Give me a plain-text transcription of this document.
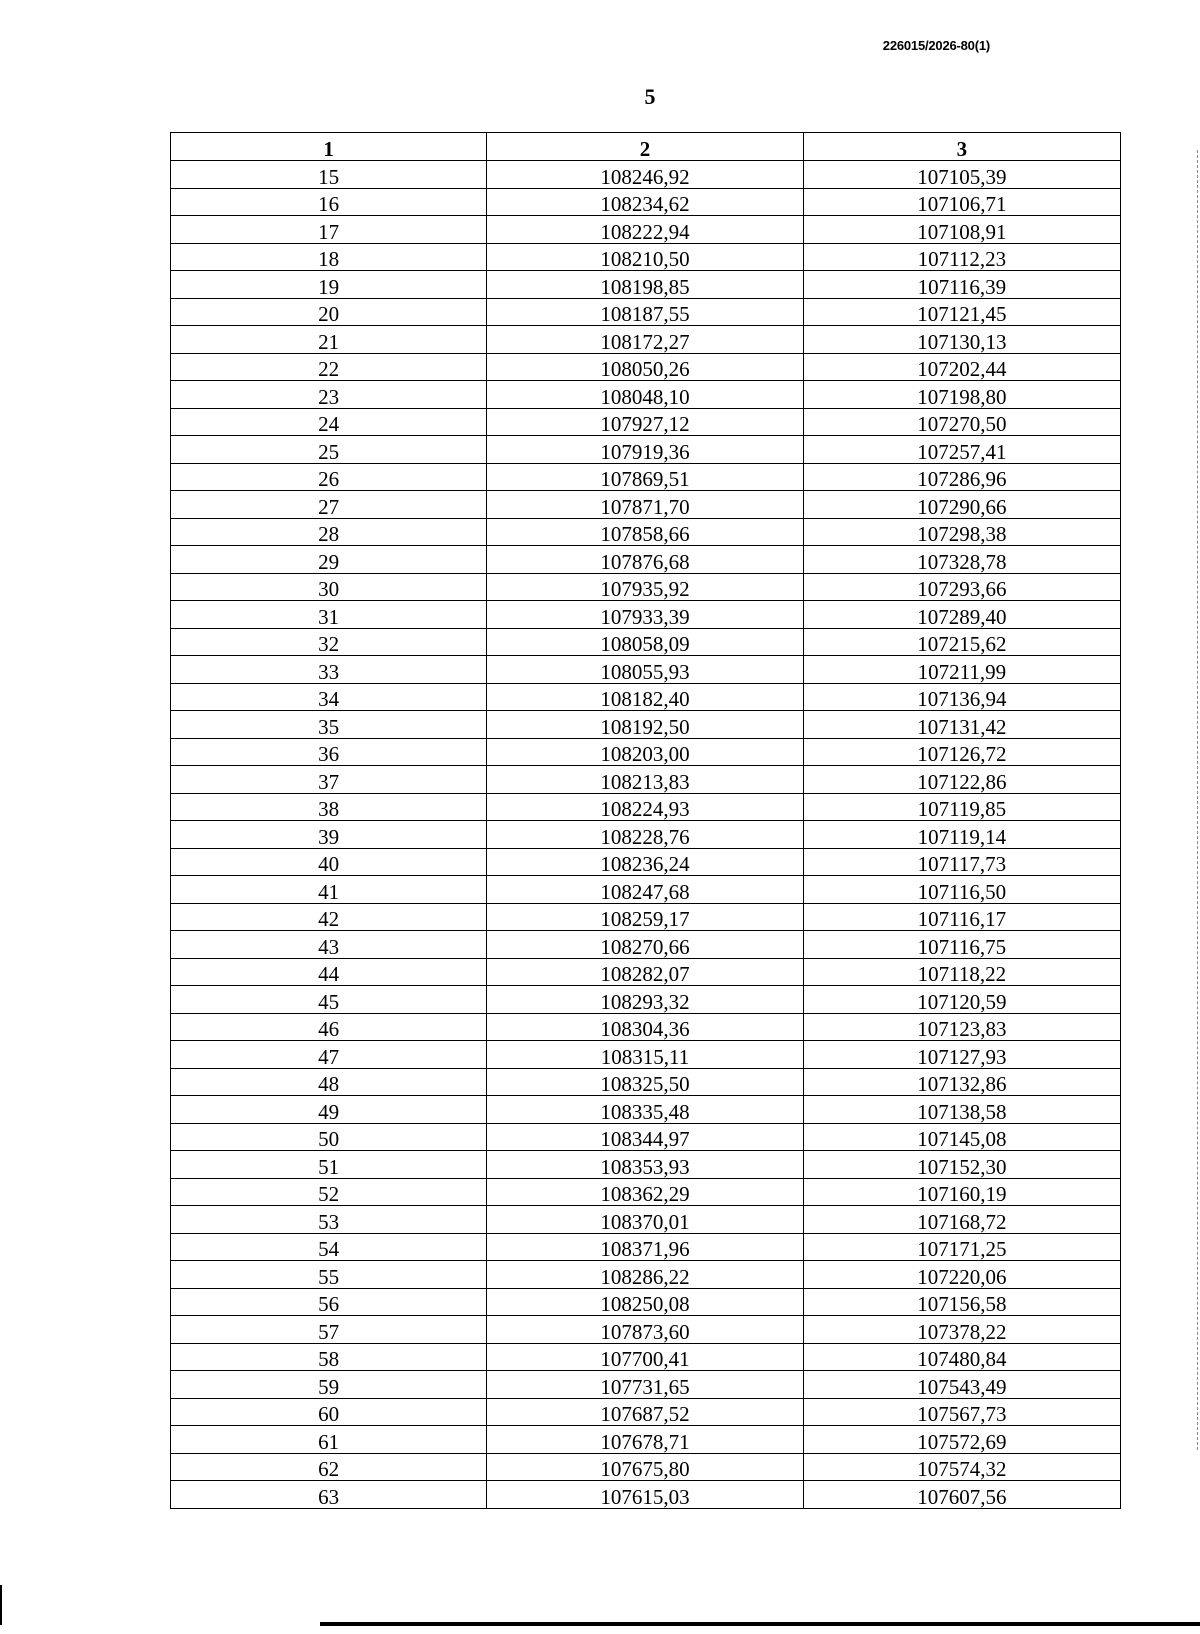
226015/2026-80(1)
5
1	2	3
15	108246,92	107105,39
16	108234,62	107106,71
17	108222,94	107108,91
18	108210,50	107112,23
19	108198,85	107116,39
20	108187,55	107121,45
21	108172,27	107130,13
22	108050,26	107202,44
23	108048,10	107198,80
24	107927,12	107270,50
25	107919,36	107257,41
26	107869,51	107286,96
27	107871,70	107290,66
28	107858,66	107298,38
29	107876,68	107328,78
30	107935,92	107293,66
31	107933,39	107289,40
32	108058,09	107215,62
33	108055,93	107211,99
34	108182,40	107136,94
35	108192,50	107131,42
36	108203,00	107126,72
37	108213,83	107122,86
38	108224,93	107119,85
39	108228,76	107119,14
40	108236,24	107117,73
41	108247,68	107116,50
42	108259,17	107116,17
43	108270,66	107116,75
44	108282,07	107118,22
45	108293,32	107120,59
46	108304,36	107123,83
47	108315,11	107127,93
48	108325,50	107132,86
49	108335,48	107138,58
50	108344,97	107145,08
51	108353,93	107152,30
52	108362,29	107160,19
53	108370,01	107168,72
54	108371,96	107171,25
55	108286,22	107220,06
56	108250,08	107156,58
57	107873,60	107378,22
58	107700,41	107480,84
59	107731,65	107543,49
60	107687,52	107567,73
61	107678,71	107572,69
62	107675,80	107574,32
63	107615,03	107607,56
